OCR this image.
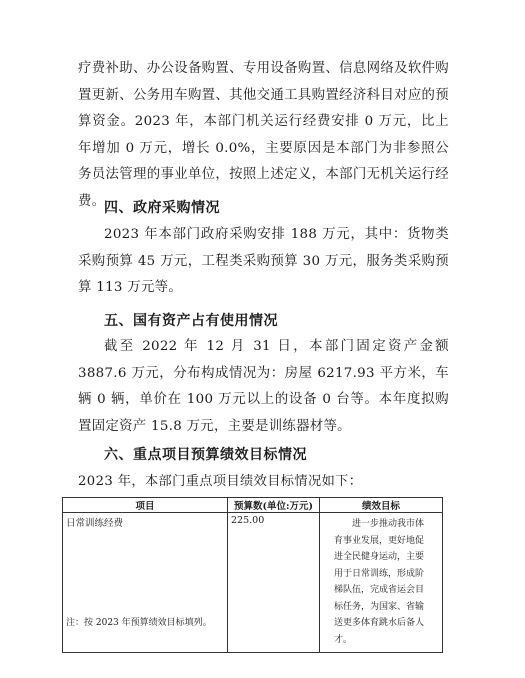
疗费补助、办公设备购置、专用设备购置、信息网络及软件购置更新、公务用车购置、其他交通工具购置经济科目对应的预算资金。2023 年，本部门机关运行经费安排 0 万元，比上年增加 0 万元，增长 0.0%，主要原因是本部门为非参照公务员法管理的事业单位，按照上述定义，本部门无机关运行经费。

四、政府采购情况

2023 年本部门政府采购安排 188 万元，其中：货物类采购预算 45 万元，工程类采购预算 30 万元，服务类采购预算 113 万元等。

五、国有资产占有使用情况

截至 2022 年 12 月 31 日，本部门固定资产金额 3887.6 万元，分布构成情况为：房屋 6217.93 平方米，车辆 0 辆，单价在 100 万元以上的设备 0 台等。本年度拟购置固定资产 15.8 万元，主要是训练器材等。

六、重点项目预算绩效目标情况

2023 年，本部门重点项目绩效目标情况如下：

项目	预算数(单位:万元)	绩效目标
日常训练经费	225.00	进一步推动我市体育事业发展，更好地促进全民健身运动，主要用于日常训练，形成阶梯队伍，完成省运会目标任务，为国家、省输送更多体育跳水后备人才。

注：按 2023 年预算绩效目标填列。
